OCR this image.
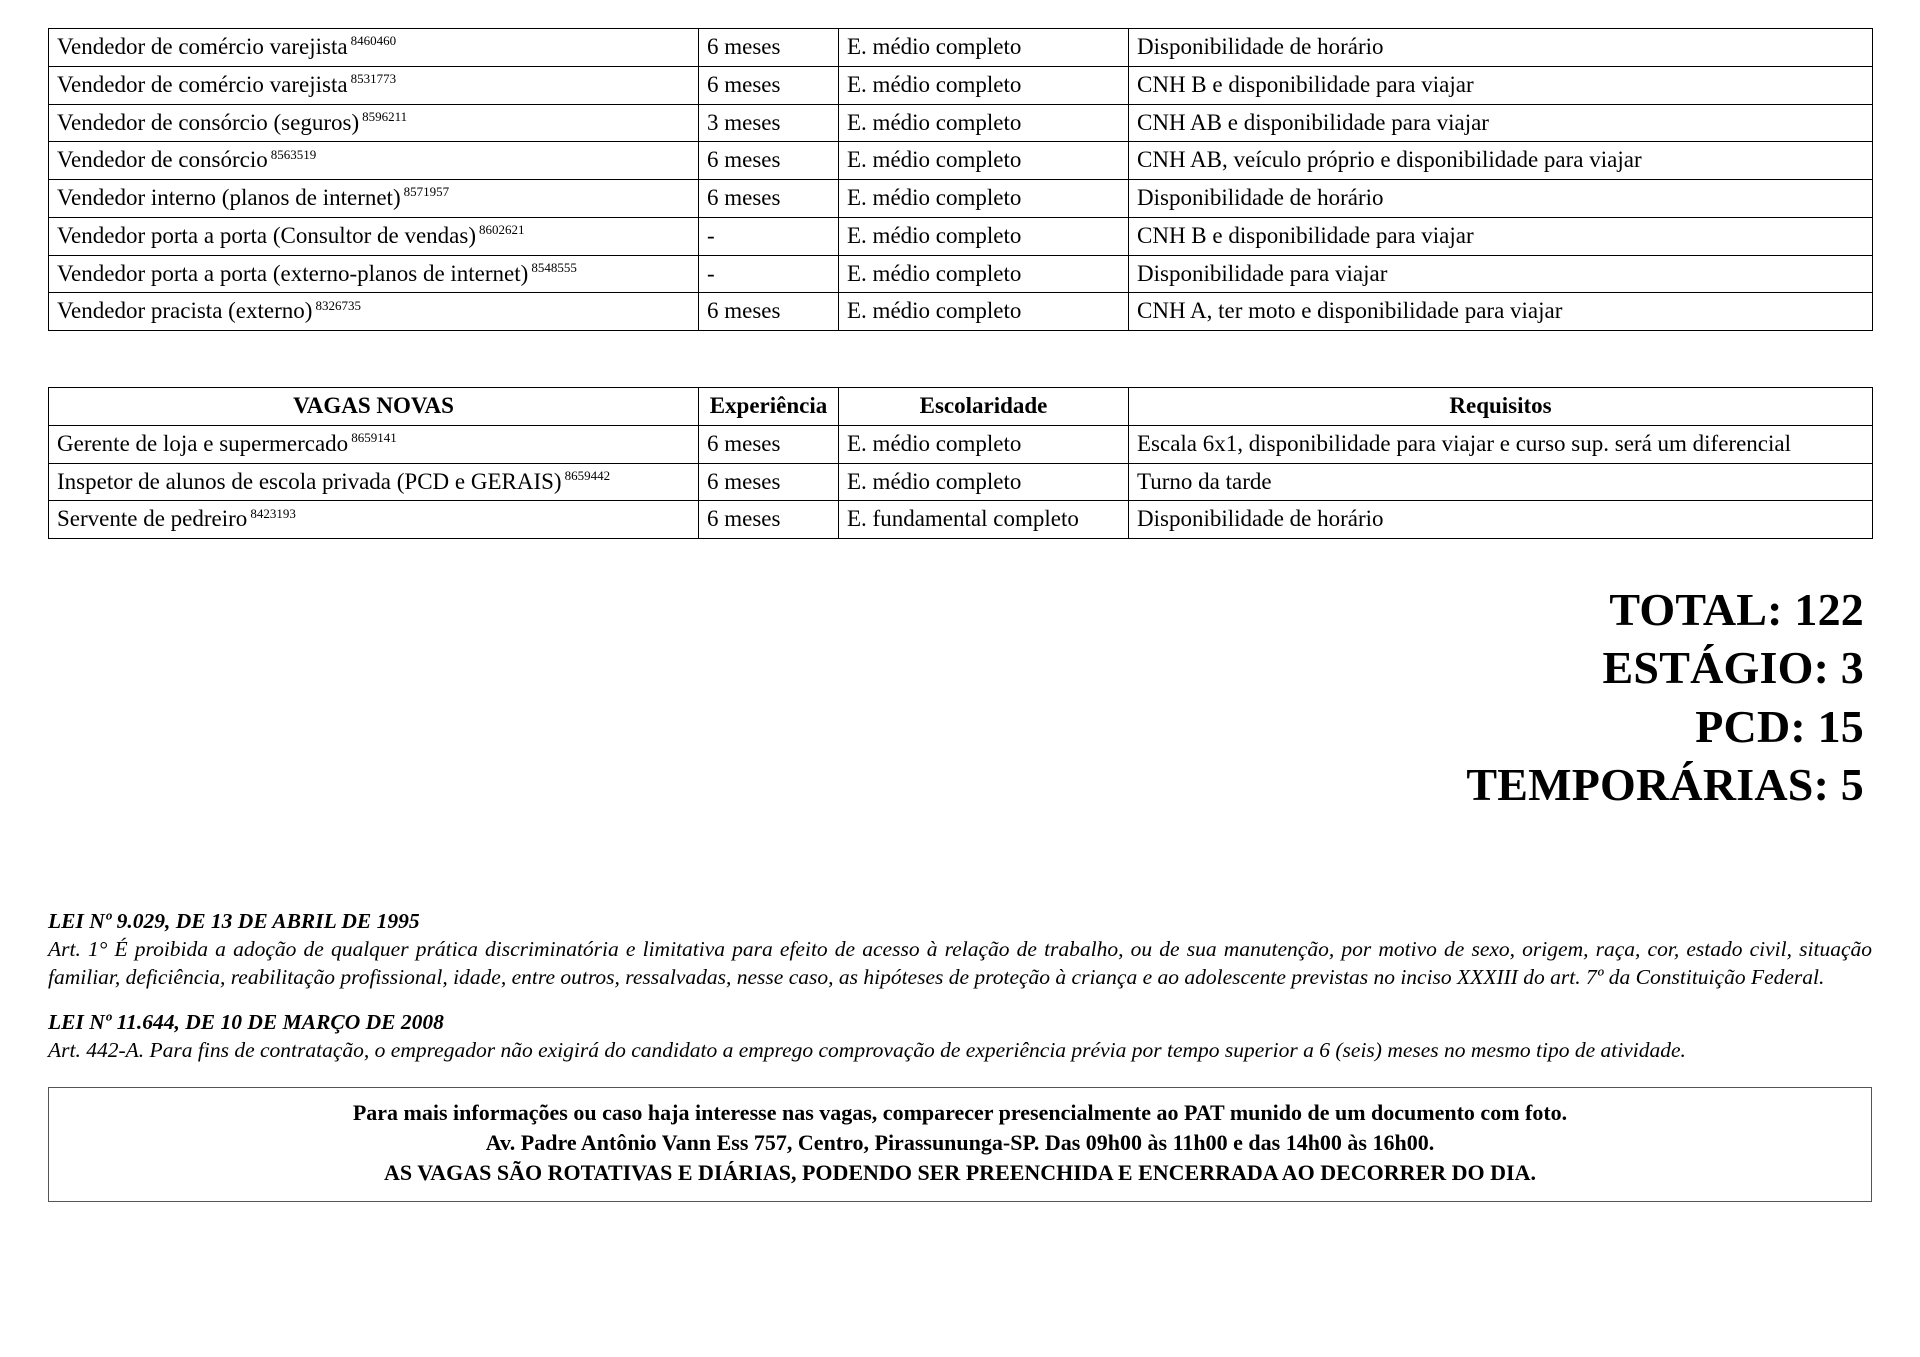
Vendedor de comércio varejista $^{8460460}$	6 meses	E. médio completo	Disponibilidade de horário
Vendedor de comércio varejista $^{8531773}$	6 meses	E. médio completo	CNH B e disponibilidade para viajar
Vendedor de consórcio (seguros) $^{8596211}$	3 meses	E. médio completo	CNH AB e disponibilidade para viajar
Vendedor de consórcio $^{8563519}$	6 meses	E. médio completo	CNH AB, veículo próprio e disponibilidade para viajar
Vendedor interno (planos de internet) $^{8571957}$	6 meses	E. médio completo	Disponibilidade de horário
Vendedor porta a porta (Consultor de vendas) $^{8602621}$	-	E. médio completo	CNH B e disponibilidade para viajar
Vendedor porta a porta (externo-planos de internet) $^{8548555}$	-	E. médio completo	Disponibilidade para viajar
Vendedor pracista (externo) $^{8326735}$	6 meses	E. médio completo	CNH A, ter moto e disponibilidade para viajar
VAGAS NOVAS	Experiência	Escolaridade	Requisitos
Gerente de loja e supermercado $^{8659141}$	6 meses	E. médio completo	Escala 6x1, disponibilidade para viajar e curso sup. será um diferencial
Inspetor de alunos de escola privada (PCD e GERAIS) $^{8659442}$	6 meses	E. médio completo	Turno da tarde
Servente de pedreiro $^{8423193}$	6 meses	E. fundamental completo	Disponibilidade de horário
TOTAL: 122
ESTÁGIO: 3
PCD: 15
TEMPORÁRIAS: 5
LEI Nº 9.029, DE 13 DE ABRIL DE 1995
Art. 1° É proibida a adoção de qualquer prática discriminatória e limitativa para efeito de acesso à relação de trabalho, ou de sua manutenção, por motivo de sexo, origem, raça, cor, estado civil, situação familiar, deficiência, reabilitação profissional, idade, entre outros, ressalvadas, nesse caso, as hipóteses de proteção à criança e ao adolescente previstas no inciso XXXIII do art. 7º da Constituição Federal.
LEI Nº 11.644, DE 10 DE MARÇO DE 2008
Art. 442-A. Para fins de contratação, o empregador não exigirá do candidato a emprego comprovação de experiência prévia por tempo superior a 6 (seis) meses no mesmo tipo de atividade.
Para mais informações ou caso haja interesse nas vagas, comparecer presencialmente ao PAT munido de um documento com foto.
Av. Padre Antônio Vann Ess 757, Centro, Pirassununga-SP. Das 09h00 às 11h00 e das 14h00 às 16h00.
AS VAGAS SÃO ROTATIVAS E DIÁRIAS, PODENDO SER PREENCHIDA E ENCERRADA AO DECORRER DO DIA.
